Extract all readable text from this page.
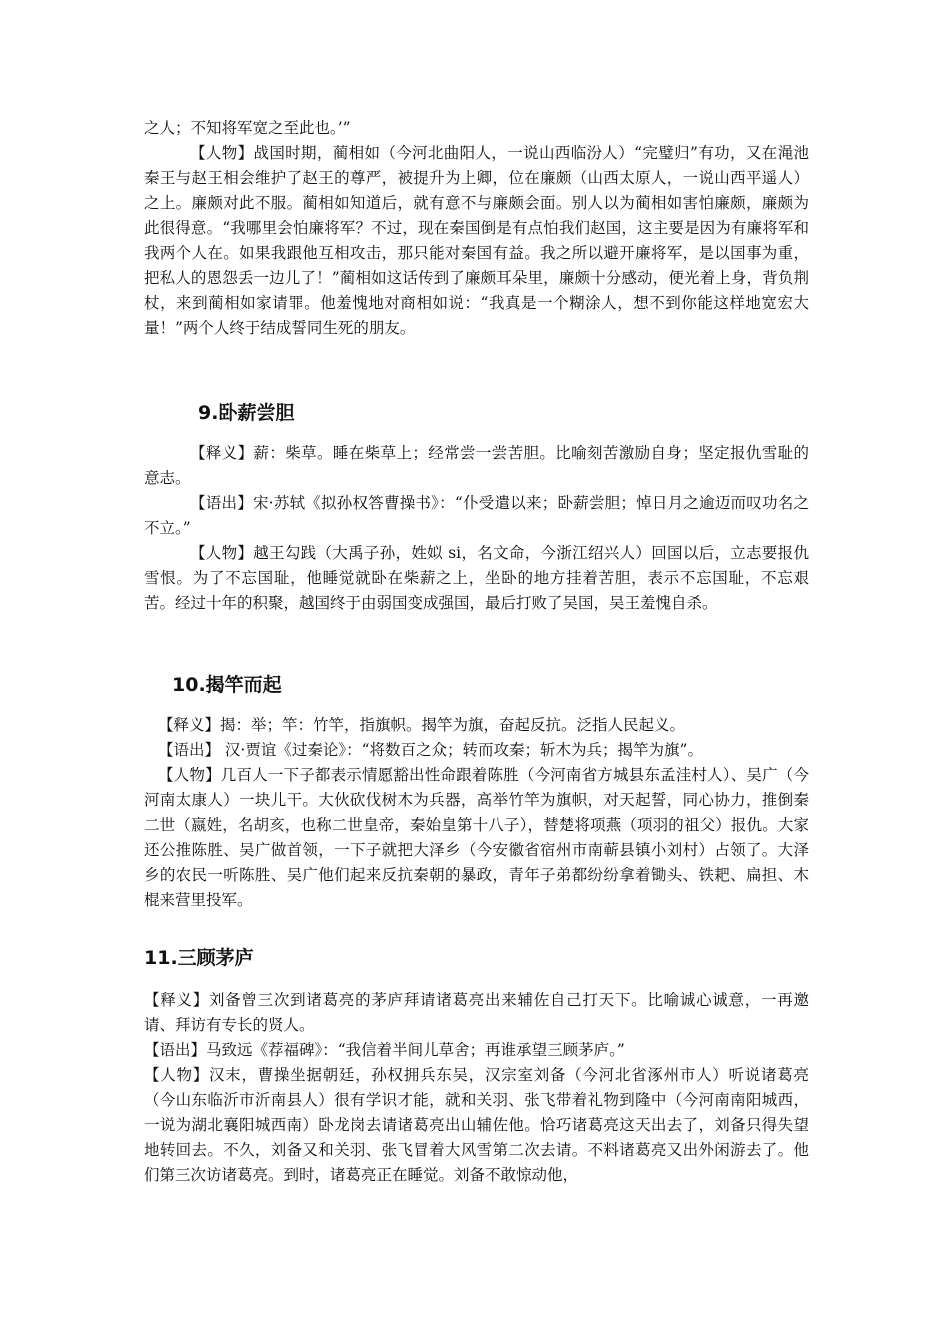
之人；不知将军宽之至此也。’”

【人物】战国时期，蔺相如（今河北曲阳人，一说山西临汾人）“完璧归”有功，又在渑池秦王与赵王相会维护了赵王的尊严，被提升为上卿，位在廉颇（山西太原人，一说山西平遥人）之上。廉颇对此不服。蔺相如知道后，就有意不与廉颇会面。别人以为蔺相如害怕廉颇，廉颇为此很得意。“我哪里会怕廉将军？不过，现在秦国倒是有点怕我们赵国，这主要是因为有廉将军和我两个人在。如果我跟他互相攻击，那只能对秦国有益。我之所以避开廉将军，是以国事为重，把私人的恩怨丢一边儿了！”蔺相如这话传到了廉颇耳朵里，廉颇十分感动，便光着上身，背负荆杖，来到蔺相如家请罪。他羞愧地对商相如说：“我真是一个糊涂人，想不到你能这样地宽宏大量！”两个人终于结成誓同生死的朋友。

9.卧薪尝胆

【释义】薪：柴草。睡在柴草上；经常尝一尝苦胆。比喻刻苦激励自身；坚定报仇雪耻的意志。

【语出】宋·苏轼《拟孙权答曹操书》：“仆受遣以来；卧薪尝胆；悼日月之逾迈而叹功名之不立。”

【人物】越王勾践（大禹子孙，姓姒 si，名文命，今浙江绍兴人）回国以后，立志要报仇雪恨。为了不忘国耻，他睡觉就卧在柴薪之上，坐卧的地方挂着苦胆，表示不忘国耻，不忘艰苦。经过十年的积聚，越国终于由弱国变成强国，最后打败了吴国，吴王羞愧自杀。

10.揭竿而起

【释义】揭：举；竿：竹竿，指旗帜。揭竿为旗，奋起反抗。泛指人民起义。

【语出】 汉·贾谊《过秦论》：“将数百之众；转而攻秦；斩木为兵；揭竿为旗”。

【人物】几百人一下子都表示情愿豁出性命跟着陈胜（今河南省方城县东孟洼村人）、吴广（今河南太康人）一块儿干。大伙砍伐树木为兵器，高举竹竿为旗帜，对天起誓，同心协力，推倒秦二世（嬴姓，名胡亥，也称二世皇帝，秦始皇第十八子），替楚将项燕（项羽的祖父）报仇。大家还公推陈胜、吴广做首领，一下子就把大泽乡（今安徽省宿州市南蕲县镇小刘村）占领了。大泽乡的农民一听陈胜、吴广他们起来反抗秦朝的暴政，青年子弟都纷纷拿着锄头、铁耙、扁担、木棍来营里投军。

11.三顾茅庐

【释义】刘备曾三次到诸葛亮的茅庐拜请诸葛亮出来辅佐自己打天下。比喻诚心诚意，一再邀请、拜访有专长的贤人。

【语出】马致远《荐福碑》：“我信着半间儿草舍；再谁承望三顾茅庐。”

【人物】汉末，曹操坐据朝廷，孙权拥兵东吴，汉宗室刘备（今河北省涿州市人）听说诸葛亮（今山东临沂市沂南县人）很有学识才能，就和关羽、张飞带着礼物到隆中（今河南南阳城西，一说为湖北襄阳城西南）卧龙岗去请诸葛亮出山辅佐他。恰巧诸葛亮这天出去了，刘备只得失望地转回去。不久，刘备又和关羽、张飞冒着大风雪第二次去请。不料诸葛亮又出外闲游去了。他们第三次访诸葛亮。到时，诸葛亮正在睡觉。刘备不敢惊动他，
